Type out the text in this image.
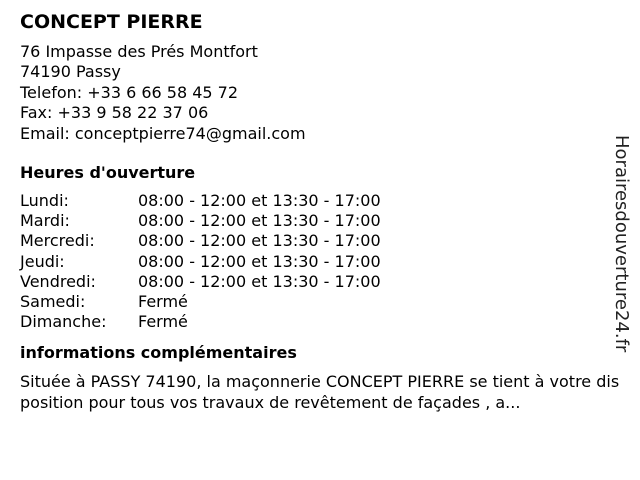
CONCEPT PIERRE
76 Impasse des Prés Montfort
74190 Passy
Telefon: +33 6 66 58 45 72
Fax: +33 9 58 22 37 06
Email: conceptpierre74@gmail.com
Heures d'ouverture
Lundi:	08:00 - 12:00 et 13:30 - 17:00
Mardi:	08:00 - 12:00 et 13:30 - 17:00
Mercredi:	08:00 - 12:00 et 13:30 - 17:00
Jeudi:	08:00 - 12:00 et 13:30 - 17:00
Vendredi:	08:00 - 12:00 et 13:30 - 17:00
Samedi:	Fermé
Dimanche:	Fermé
informations complémentaires
Située à PASSY 74190, la maçonnerie CONCEPT PIERRE se tient à votre disposition pour tous vos travaux de revêtement de façades , a...
Horairesdouverture24.fr
